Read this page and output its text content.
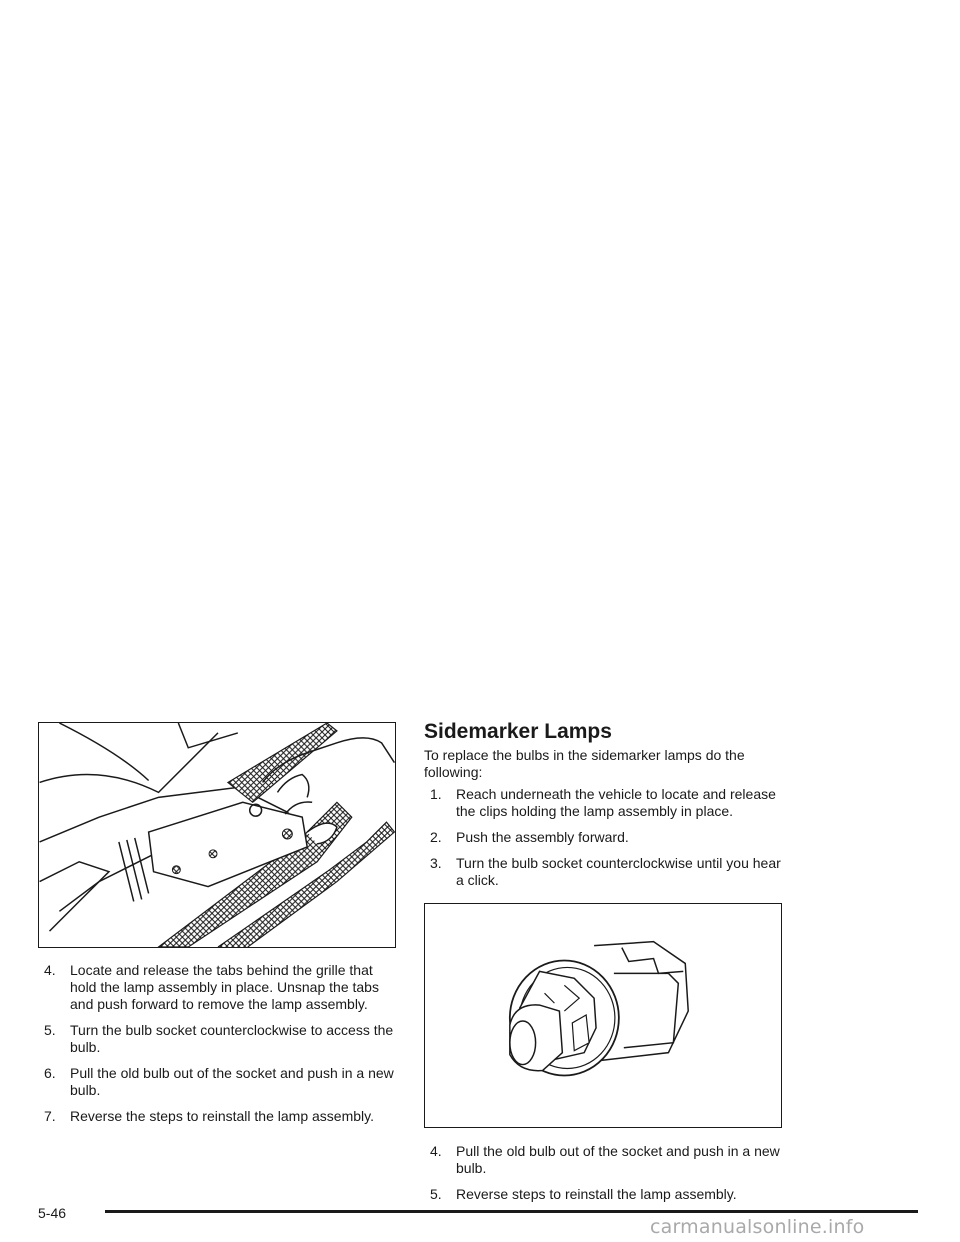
4. Locate and release the tabs behind the grille that hold the lamp assembly in place. Unsnap the tabs and push forward to remove the lamp assembly.
5. Turn the bulb socket counterclockwise to access the bulb.
6. Pull the old bulb out of the socket and push in a new bulb.
7. Reverse the steps to reinstall the lamp assembly.
Sidemarker Lamps

To replace the bulbs in the sidemarker lamps do the following:

1. Reach underneath the vehicle to locate and release the clips holding the lamp assembly in place.
2. Push the assembly forward.
3. Turn the bulb socket counterclockwise until you hear a click.
4. Pull the old bulb out of the socket and push in a new bulb.
5. Reverse steps to reinstall the lamp assembly.
5-46
carmanualsonline.info
